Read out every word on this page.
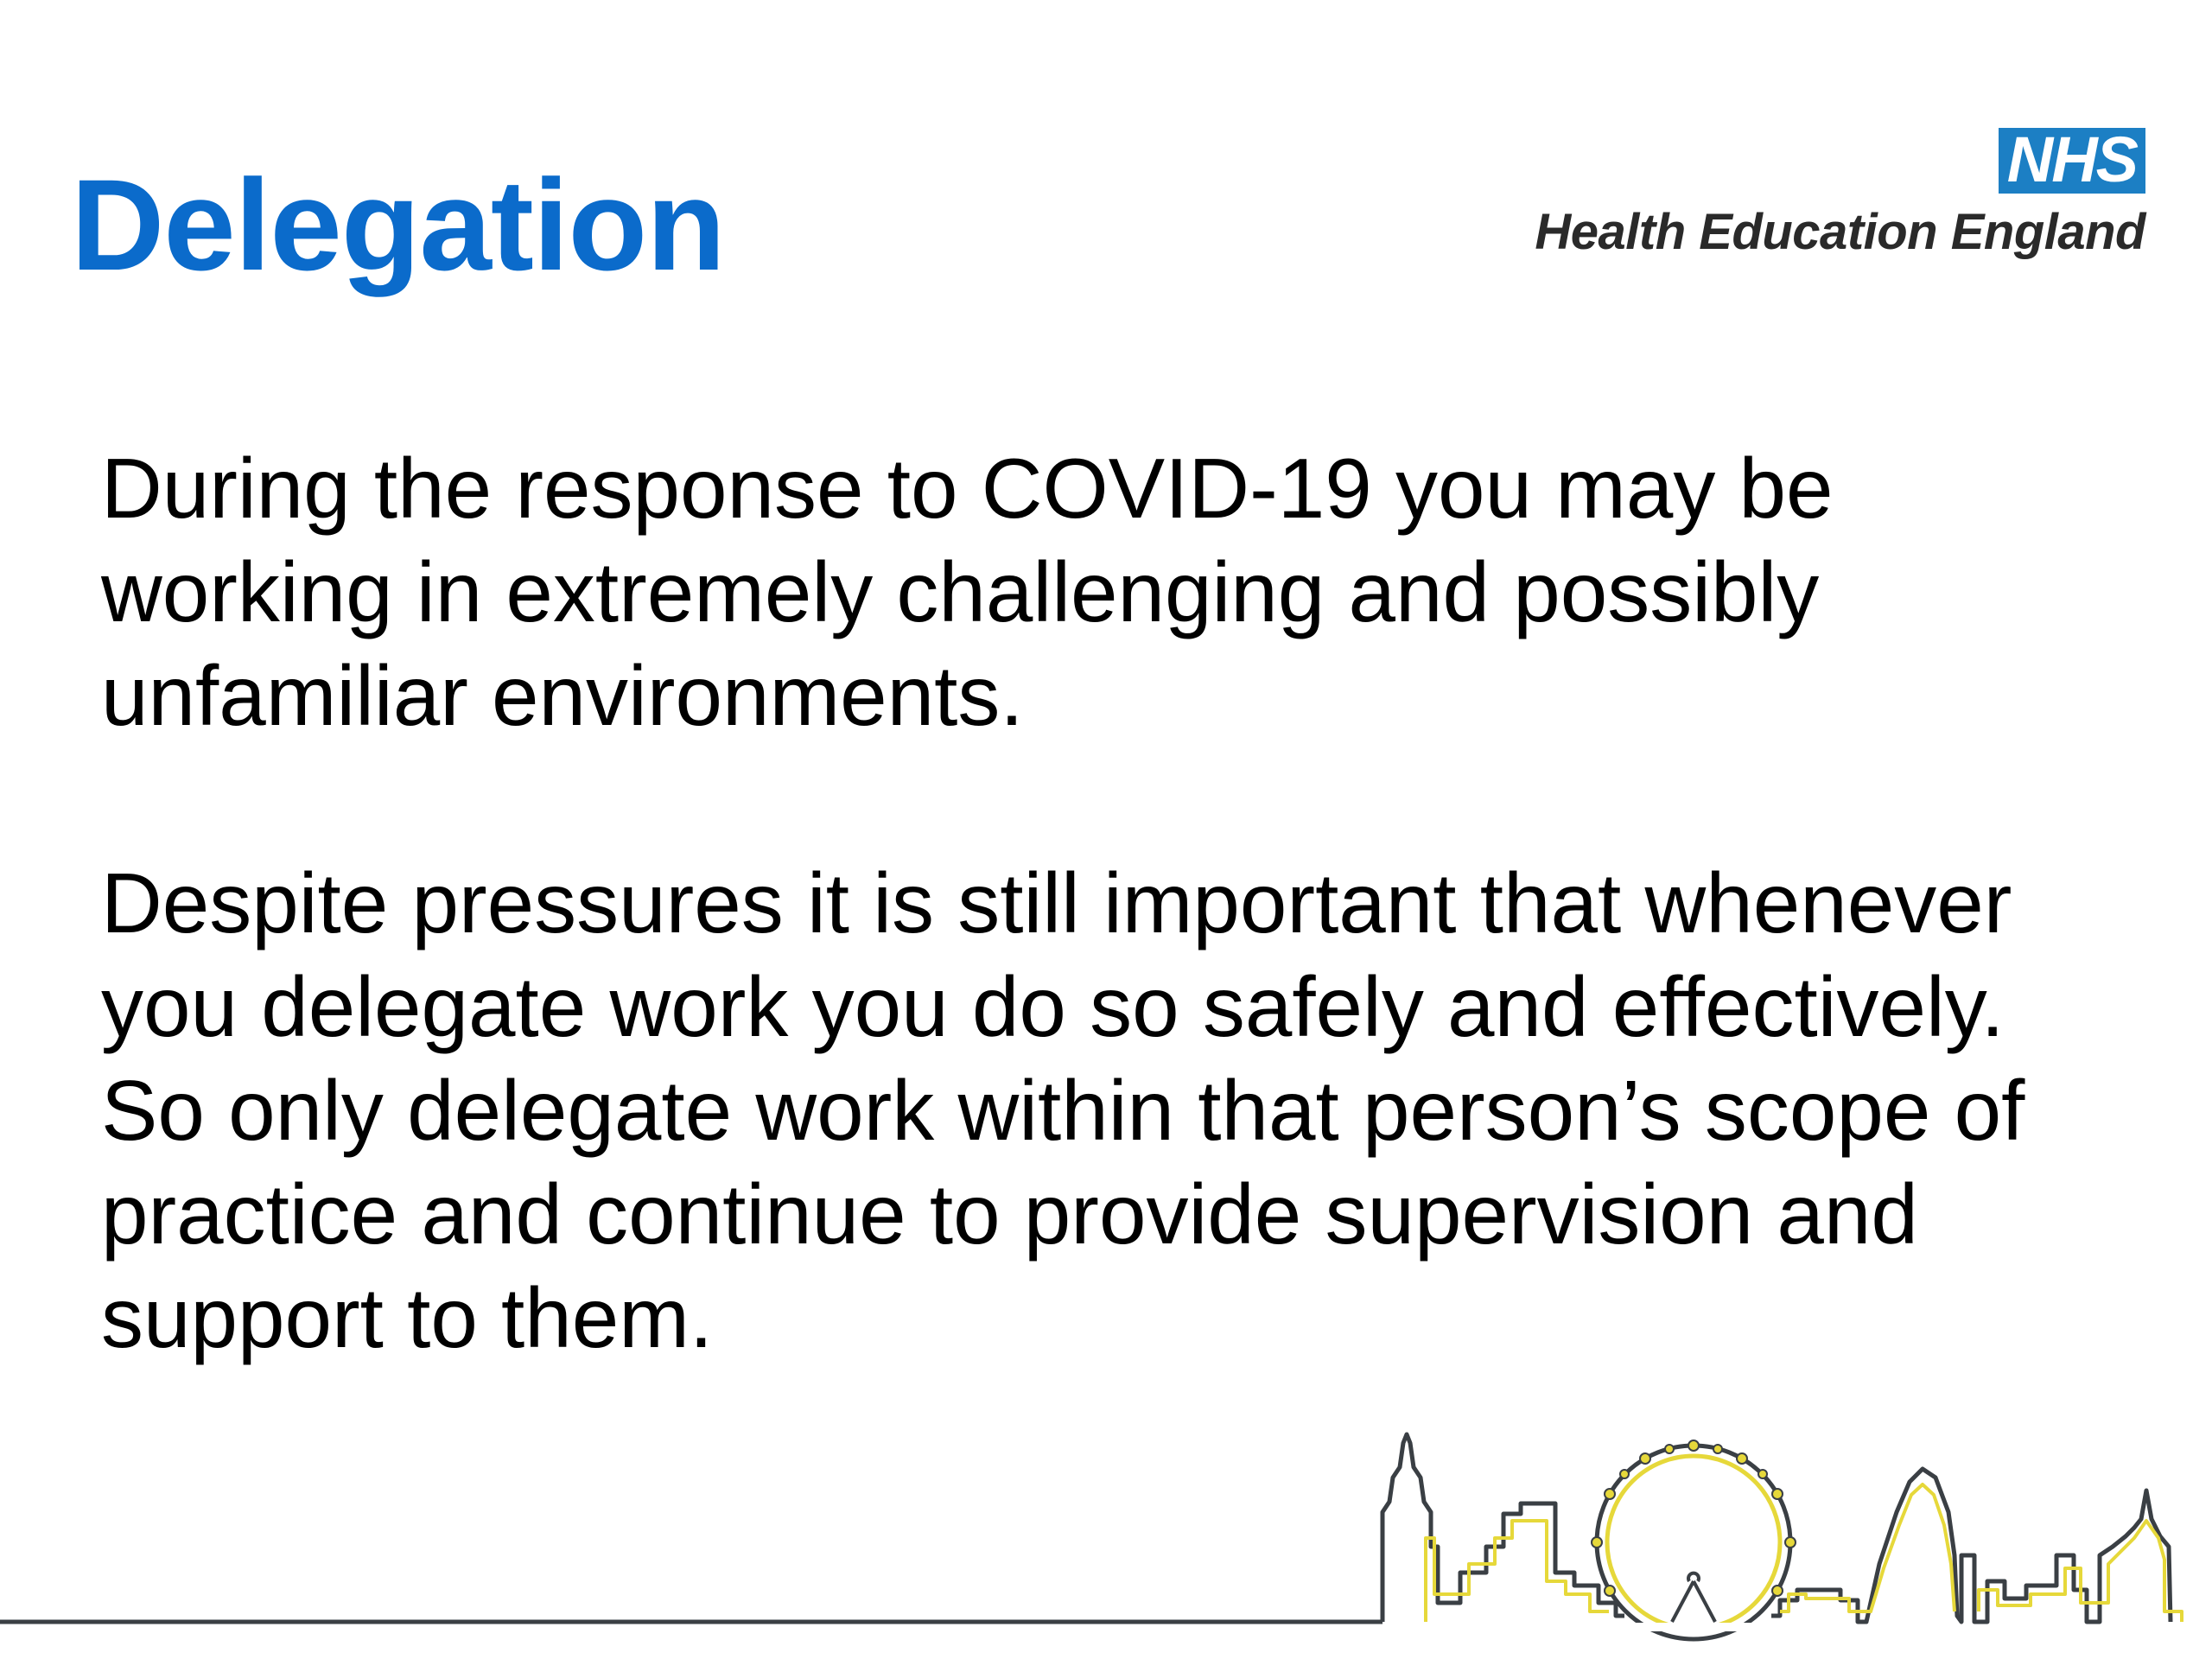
Delegation	NHS
Health Education England

During the response to COVID-19 you may be working in extremely challenging and possibly unfamiliar environments.

Despite pressures it is still important that whenever you delegate work you do so safely and effectively. So only delegate work within that person’s scope of practice and continue to provide supervision and support to them.
